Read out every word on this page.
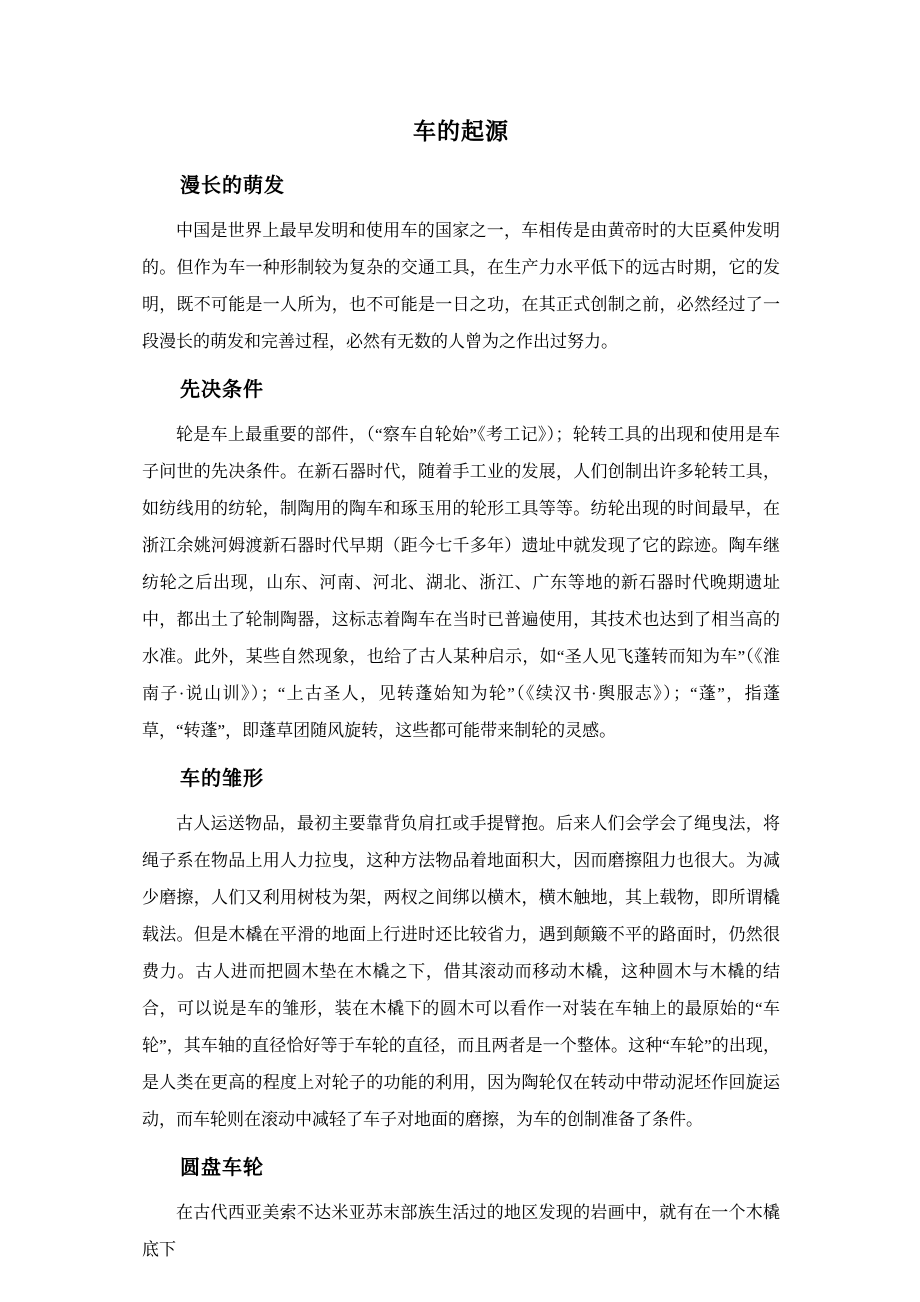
车的起源
漫长的萌发

中国是世界上最早发明和使用车的国家之一，车相传是由黄帝时的大臣奚仲发明的。但作为车一种形制较为复杂的交通工具，在生产力水平低下的远古时期，它的发明，既不可能是一人所为，也不可能是一日之功，在其正式创制之前，必然经过了一段漫长的萌发和完善过程，必然有无数的人曾为之作出过努力。

先决条件

轮是车上最重要的部件，（“察车自轮始”《考工记》）；轮转工具的出现和使用是车子问世的先决条件。在新石器时代，随着手工业的发展，人们创制出许多轮转工具，如纺线用的纺轮，制陶用的陶车和琢玉用的轮形工具等等。纺轮出现的时间最早，在浙江余姚河姆渡新石器时代早期（距今七千多年）遗址中就发现了它的踪迹。陶车继纺轮之后出现，山东、河南、河北、湖北、浙江、广东等地的新石器时代晚期遗址中，都出土了轮制陶器，这标志着陶车在当时已普遍使用，其技术也达到了相当高的水准。此外，某些自然现象，也给了古人某种启示，如“圣人见飞蓬转而知为车”（《淮南子·说山训》）；“上古圣人，见转蓬始知为轮”（《续汉书·舆服志》）；“蓬”，指蓬草，“转蓬”，即蓬草团随风旋转，这些都可能带来制轮的灵感。

车的雏形

古人运送物品，最初主要靠背负肩扛或手提臂抱。后来人们会学会了绳曳法，将绳子系在物品上用人力拉曳，这种方法物品着地面积大，因而磨擦阻力也很大。为减少磨擦，人们又利用树枝为架，两杈之间绑以横木，横木触地，其上载物，即所谓橇载法。但是木橇在平滑的地面上行进时还比较省力，遇到颠簸不平的路面时，仍然很费力。古人进而把圆木垫在木橇之下，借其滚动而移动木橇，这种圆木与木橇的结合，可以说是车的雏形，装在木橇下的圆木可以看作一对装在车轴上的最原始的“车轮”，其车轴的直径恰好等于车轮的直径，而且两者是一个整体。这种“车轮”的出现，是人类在更高的程度上对轮子的功能的利用，因为陶轮仅在转动中带动泥坯作回旋运动，而车轮则在滚动中减轻了车子对地面的磨擦，为车的创制准备了条件。

圆盘车轮

在古代西亚美索不达米亚苏末部族生活过的地区发现的岩画中，就有在一个木橇底下
